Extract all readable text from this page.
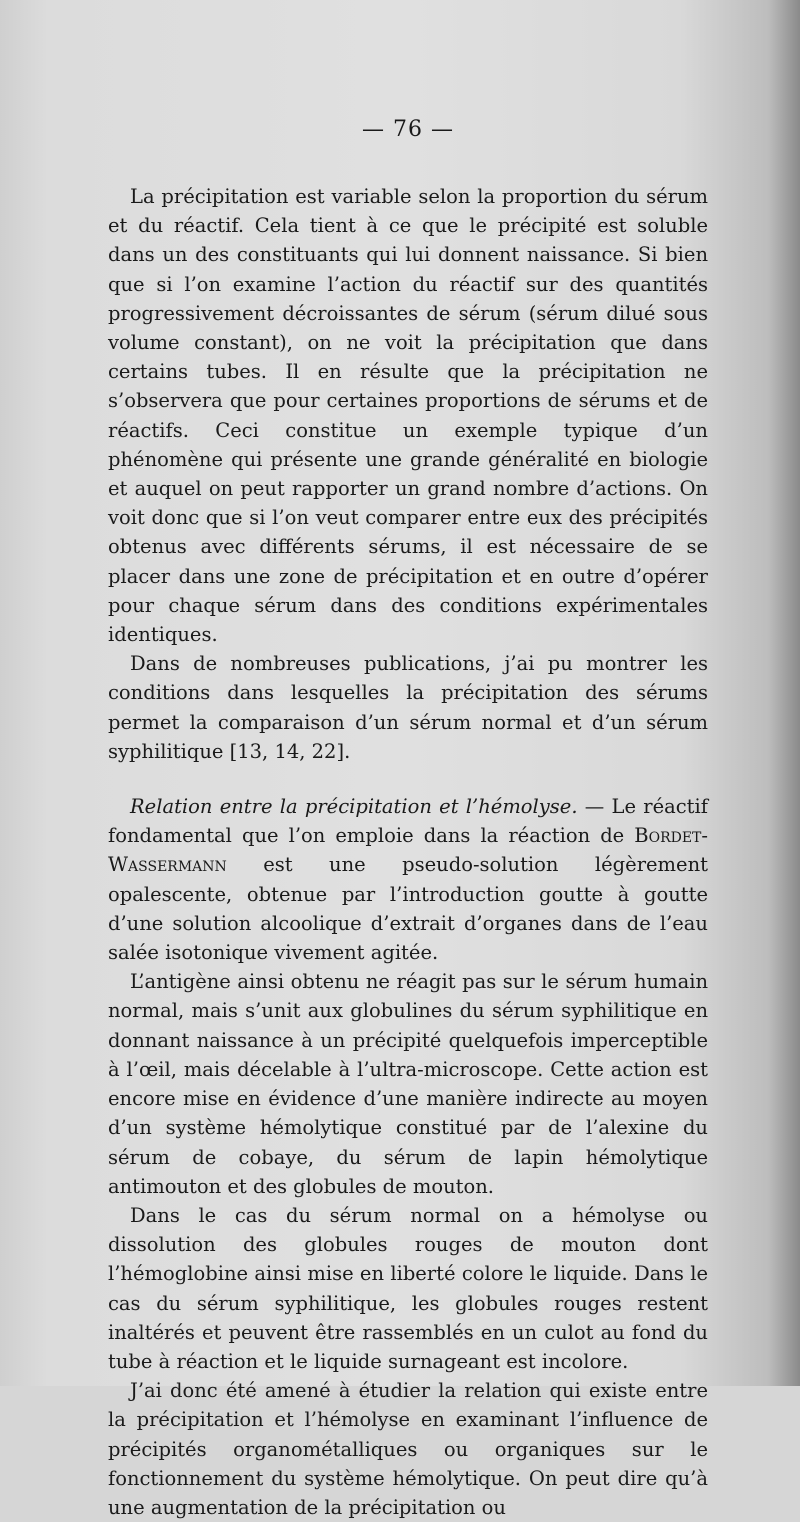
— 76 —

La précipitation est variable selon la proportion du sérum et du réactif. Cela tient à ce que le précipité est soluble dans un des constituants qui lui donnent naissance. Si bien que si l’on examine l’action du réactif sur des quantités progressivement décroissantes de sérum (sérum dilué sous volume constant), on ne voit la précipitation que dans certains tubes. Il en résulte que la précipitation ne s’observera que pour certaines proportions de sérums et de réactifs. Ceci constitue un exemple typique d’un phénomène qui présente une grande généralité en biologie et auquel on peut rapporter un grand nombre d’actions. On voit donc que si l’on veut comparer entre eux des précipités obtenus avec différents sérums, il est nécessaire de se placer dans une zone de précipitation et en outre d’opérer pour chaque sérum dans des conditions expérimentales identiques.

Dans de nombreuses publications, j’ai pu montrer les conditions dans lesquelles la précipitation des sérums permet la comparaison d’un sérum normal et d’un sérum syphilitique [13, 14, 22].

Relation entre la précipitation et l’hémolyse. — Le réactif fondamental que l’on emploie dans la réaction de Bordet-Wassermann est une pseudo-solution légèrement opalescente, obtenue par l’introduction goutte à goutte d’une solution alcoolique d’extrait d’organes dans de l’eau salée isotonique vivement agitée.

L’antigène ainsi obtenu ne réagit pas sur le sérum humain normal, mais s’unit aux globulines du sérum syphilitique en donnant naissance à un précipité quelquefois imperceptible à l’œil, mais décelable à l’ultra-microscope. Cette action est encore mise en évidence d’une manière indirecte au moyen d’un système hémolytique constitué par de l’alexine du sérum de cobaye, du sérum de lapin hémolytique antimouton et des globules de mouton.

Dans le cas du sérum normal on a hémolyse ou dissolution des globules rouges de mouton dont l’hémoglobine ainsi mise en liberté colore le liquide. Dans le cas du sérum syphilitique, les globules rouges restent inaltérés et peuvent être rassemblés en un culot au fond du tube à réaction et le liquide surnageant est incolore.

J’ai donc été amené à étudier la relation qui existe entre la précipitation et l’hémolyse en examinant l’influence de précipités organométalliques ou organiques sur le fonctionnement du système hémolytique. On peut dire qu’à une augmentation de la précipitation ou
